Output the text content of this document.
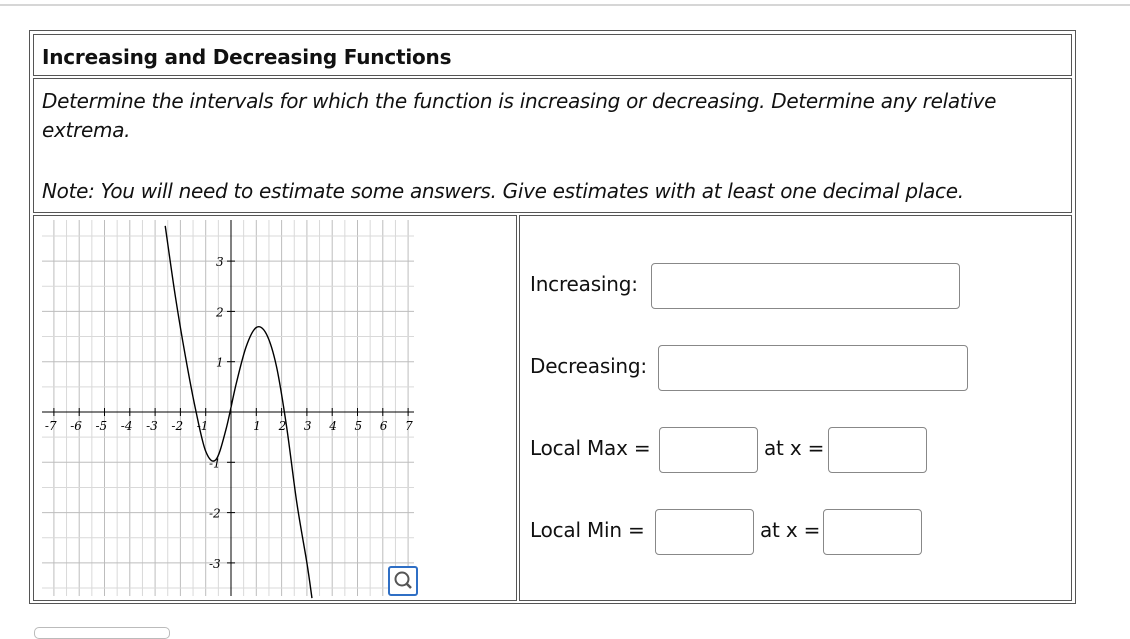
Increasing and Decreasing Functions
Determine the intervals for which the function is increasing or decreasing. Determine any relative extrema.
Note: You will need to estimate some answers. Give estimates with at least one decimal place.
-7 -6 -5 -4 -3 -2 -1	1 2 3 4 5 6 7
3
2
1
-1
-2
-3
Increasing:
Decreasing:
Local Max =	at x =
Local Min =	at x =
